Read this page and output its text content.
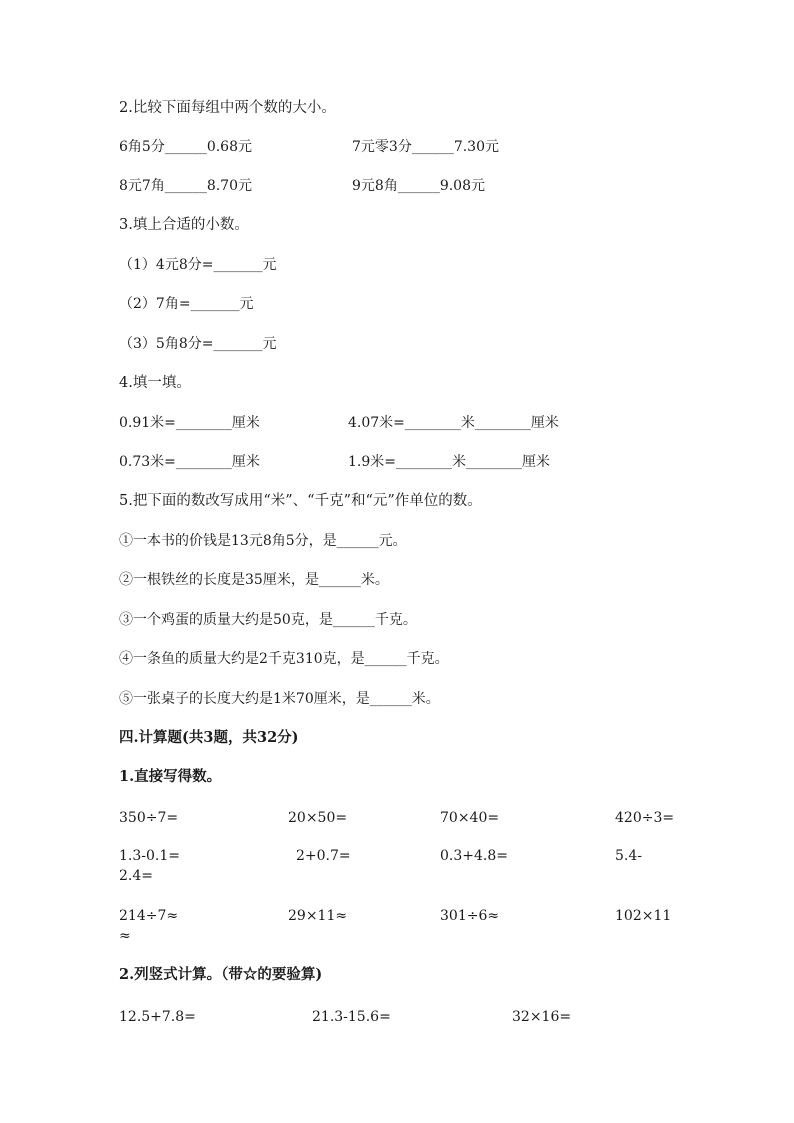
2.比较下面每组中两个数的大小。
6角5分______0.68元	7元零3分______7.30元
8元7角______8.70元	9元8角______9.08元
3.填上合适的小数。
（1）4元8分=_______元
（2）7角=_______元
（3）5角8分=_______元
4.填一填。
0.91米=________厘米	4.07米=________米________厘米
0.73米=________厘米	1.9米=________米________厘米
5.把下面的数改写成用“米”、“千克”和“元”作单位的数。
①一本书的价钱是13元8角5分，是______元。
②一根铁丝的长度是35厘米，是______米。
③一个鸡蛋的质量大约是50克，是______千克。
④一条鱼的质量大约是2千克310克，是______千克。
⑤一张桌子的长度大约是1米70厘米，是______米。
四.计算题(共3题，共32分)
1.直接写得数。
350÷7=	20×50=	70×40=	420÷3=
1.3-0.1=	2+0.7=	0.3+4.8=	5.4-
2.4=
214÷7≈	29×11≈	301÷6≈	102×11
≈
2.列竖式计算。（带☆的要验算)
12.5+7.8=	21.3-15.6=	32×16=
